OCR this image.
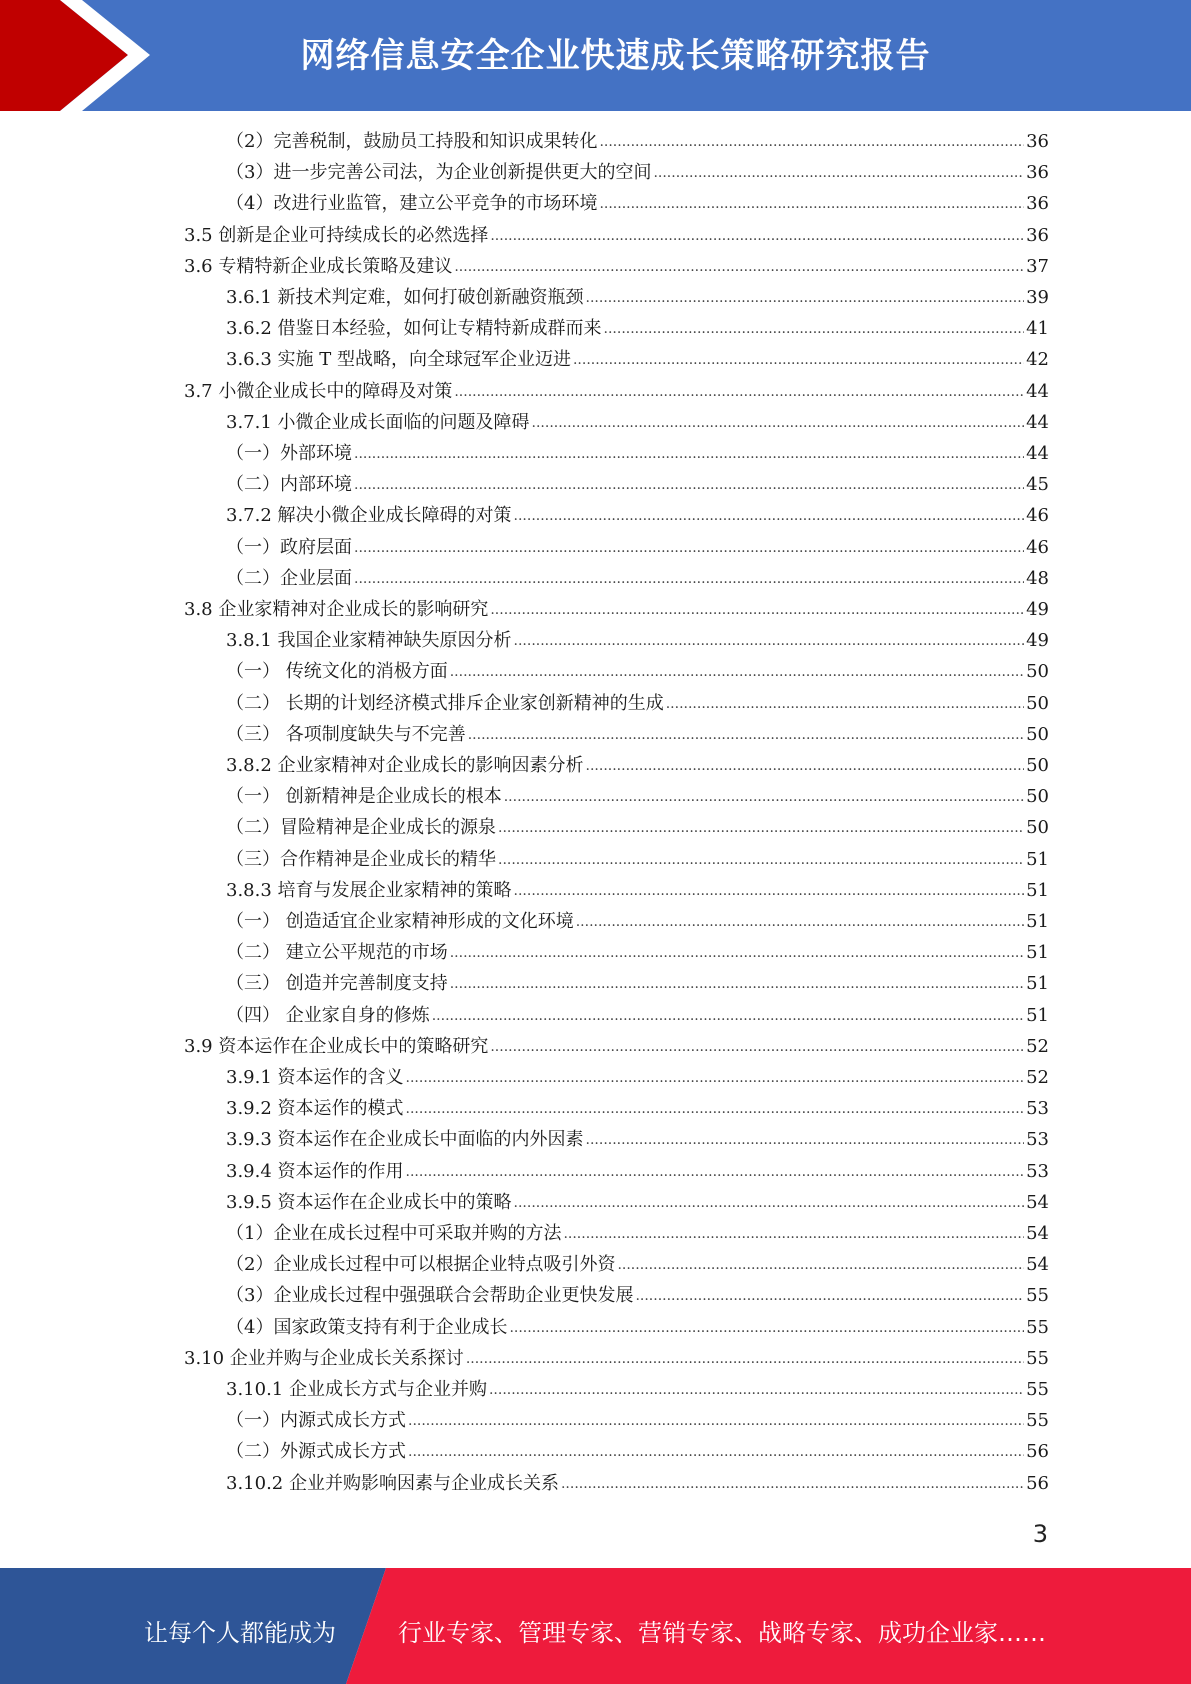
网络信息安全企业快速成长策略研究报告
（2）完善税制，鼓励员工持股和知识成果转化 .....	36
（3）进一步完善公司法，为企业创新提供更大的空间 .....	36
（4）改进行业监管，建立公平竞争的市场环境 .....	36
3.5 创新是企业可持续成长的必然选择 .....	36
3.6 专精特新企业成长策略及建议 .....	37
3.6.1 新技术判定难，如何打破创新融资瓶颈 .....	39
3.6.2 借鉴日本经验，如何让专精特新成群而来 .....	41
3.6.3 实施 T 型战略，向全球冠军企业迈进 .....	42
3.7 小微企业成长中的障碍及对策 .....	44
3.7.1 小微企业成长面临的问题及障碍 .....	44
（一）外部环境 .....	44
（二）内部环境 .....	45
3.7.2 解决小微企业成长障碍的对策 .....	46
（一）政府层面 .....	46
（二）企业层面 .....	48
3.8 企业家精神对企业成长的影响研究 .....	49
3.8.1 我国企业家精神缺失原因分析 .....	49
（一） 传统文化的消极方面 .....	50
（二） 长期的计划经济模式排斥企业家创新精神的生成 .....	50
（三） 各项制度缺失与不完善 .....	50
3.8.2 企业家精神对企业成长的影响因素分析 .....	50
（一） 创新精神是企业成长的根本 .....	50
（二）冒险精神是企业成长的源泉 .....	50
（三）合作精神是企业成长的精华 .....	51
3.8.3 培育与发展企业家精神的策略 .....	51
（一） 创造适宜企业家精神形成的文化环境 .....	51
（二） 建立公平规范的市场 .....	51
（三） 创造并完善制度支持 .....	51
（四） 企业家自身的修炼 .....	51
3.9 资本运作在企业成长中的策略研究 .....	52
3.9.1 资本运作的含义 .....	52
3.9.2 资本运作的模式 .....	53
3.9.3 资本运作在企业成长中面临的内外因素 .....	53
3.9.4 资本运作的作用 .....	53
3.9.5 资本运作在企业成长中的策略 .....	54
（1）企业在成长过程中可采取并购的方法 .....	54
（2）企业成长过程中可以根据企业特点吸引外资 .....	54
（3）企业成长过程中强强联合会帮助企业更快发展 .....	55
（4）国家政策支持有利于企业成长 .....	55
3.10 企业并购与企业成长关系探讨 .....	55
3.10.1 企业成长方式与企业并购 .....	55
（一）内源式成长方式 .....	55
（二）外源式成长方式 .....	56
3.10.2 企业并购影响因素与企业成长关系 .....	56
3
让每个人都能成为	行业专家、管理专家、营销专家、战略专家、成功企业家……
